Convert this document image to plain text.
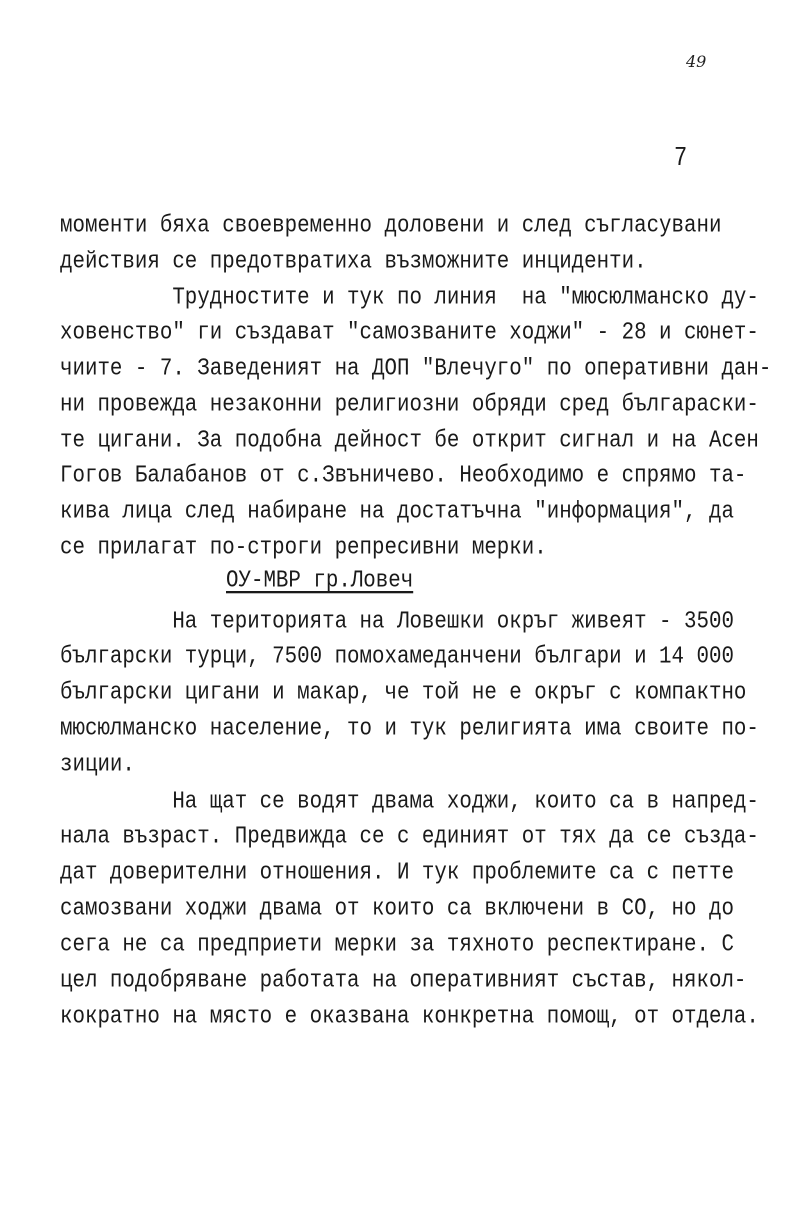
49
7
моменти бяха своевременно доловени и след съгласувани
действия се предотвратиха възможните инциденти.
Трудностите и тук по линия  на "мюсюлманско ду-
ховенство" ги създават "самозваните ходжи" - 28 и сюнет-
чиите - 7. Заведеният на ДОП "Влечуго" по оперативни дан-
ни провежда незаконни религиозни обряди сред българаски-
те цигани. За подобна дейност бе открит сигнал и на Асен
Гогов Балабанов от с.Звъничево. Необходимо е спрямо та-
кива лица след набиране на достатъчна "информация", да
се прилагат по-строги репресивни мерки.
ОУ-МВР гр.Ловеч
На територията на Ловешки окръг живеят - 3500
български турци, 7500 помохамеданчени българи и 14 000
български цигани и макар, че той не е окръг с компактно
мюсюлманско население, то и тук религията има своите по-
зиции.
На щат се водят двама ходжи, които са в напред-
нала възраст. Предвижда се с единият от тях да се създа-
дат доверителни отношения. И тук проблемите са с петте
самозвани ходжи двама от които са включени в СО, но до
сега не са предприети мерки за тяхното респектиране. С
цел подобряване работата на оперативният състав, някол-
кократно на място е оказвана конкретна помощ, от отдела.
